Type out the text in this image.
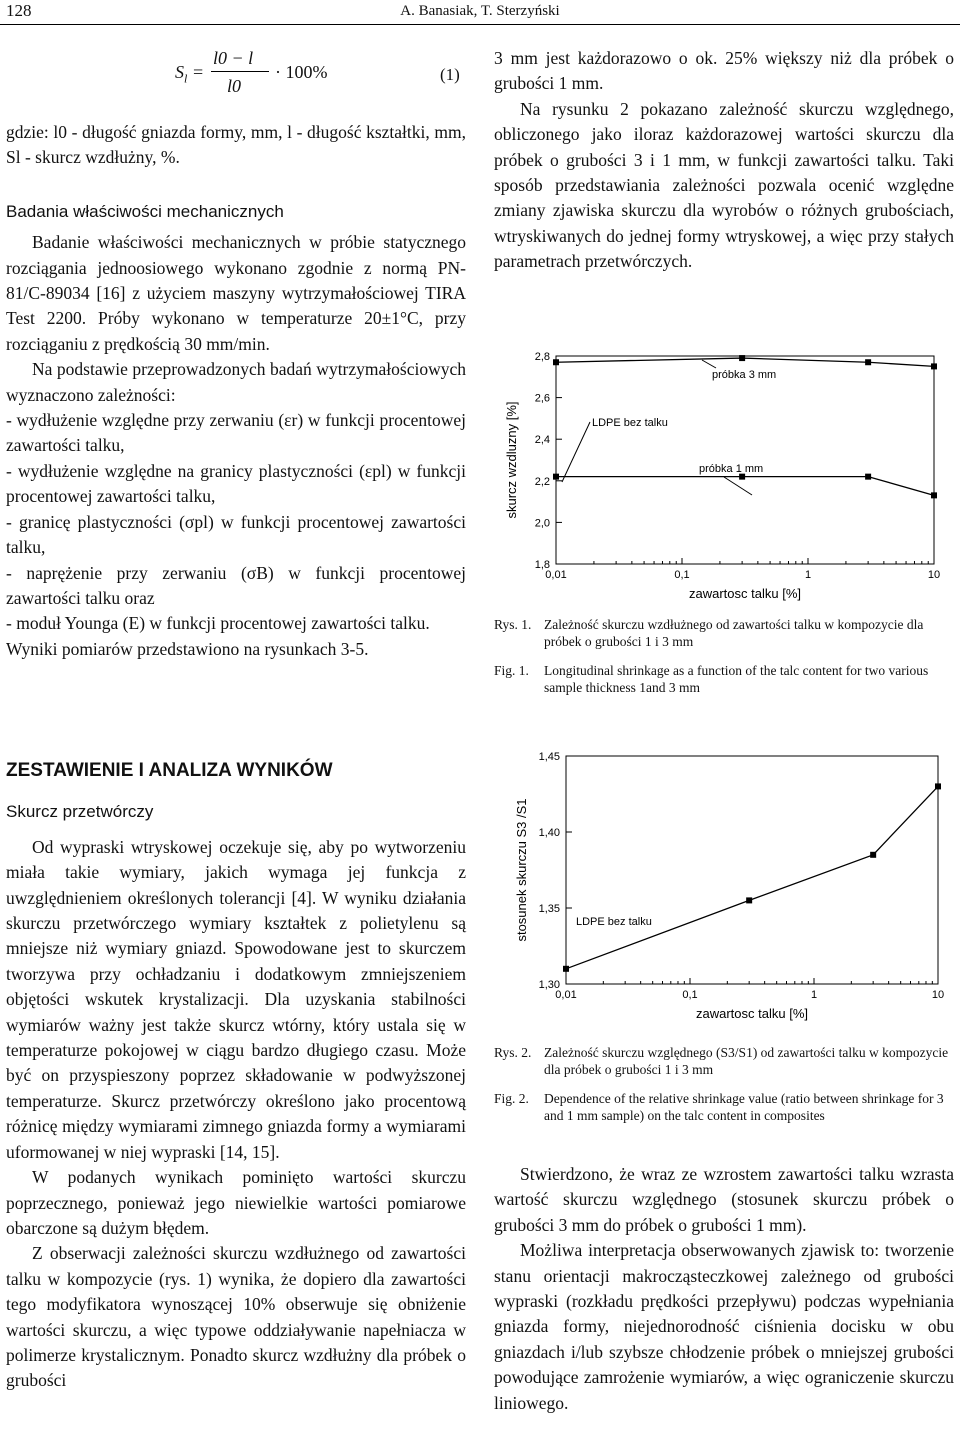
128	A. Banasiak, T. Sterzyński
$S_l$ =
l0 − l
l0
· 100%	(1)

gdzie: l0 - długość gniazda formy, mm, l - długość kształtki, mm, Sl - skurcz wzdłużny, %.

Badania właściwości mechanicznych

Badanie właściwości mechanicznych w próbie statycznego rozciągania jednoosiowego wykonano zgodnie z normą PN-81/C-89034 [16] z użyciem maszyny wytrzymałościowej TIRA Test 2200. Próby wykonano w temperaturze 20±1°C, przy rozciąganiu z prędkością 30 mm/min.

Na podstawie przeprowadzonych badań wytrzymałościowych wyznaczono zależności:

- wydłużenie względne przy zerwaniu (εr) w funkcji procentowej zawartości talku,

- wydłużenie względne na granicy plastyczności (εpl) w funkcji procentowej zawartości talku,

- granicę plastyczności (σpl) w funkcji procentowej zawartości talku,

- naprężenie przy zerwaniu (σB) w funkcji procentowej zawartości talku oraz

- moduł Younga (E) w funkcji procentowej zawartości talku.

Wyniki pomiarów przedstawiono na rysunkach 3-5.

ZESTAWIENIE I ANALIZA WYNIKÓW

Skurcz przetwórczy

Od wypraski wtryskowej oczekuje się, aby po wytworzeniu miała takie wymiary, jakich wymaga jej funkcja z uwzględnieniem określonych tolerancji [4]. W wyniku działania skurczu przetwórczego wymiary kształtek z polietylenu są mniejsze niż wymiary gniazd. Spowodowane jest to skurczem tworzywa przy ochładzaniu i dodatkowym zmniejszeniem objętości wskutek krystalizacji. Dla uzyskania stabilności wymiarów ważny jest także skurcz wtórny, który ustala się w temperaturze pokojowej w ciągu bardzo długiego czasu. Może być on przyspieszony poprzez składowanie w podwyższonej temperaturze. Skurcz przetwórczy określono jako procentową różnicę między wymiarami zimnego gniazda formy a wymiarami uformowanej w niej wypraski [14, 15].

W podanych wynikach pominięto wartości skurczu poprzecznego, ponieważ jego niewielkie wartości pomiarowe obarczone są dużym błędem.

Z obserwacji zależności skurczu wzdłużnego od zawartości talku w kompozycie (rys. 1) wynika, że dopiero dla zawartości tego modyfikatora wynoszącej 10% obserwuje się obniżenie wartości skurczu, a więc typowe oddziaływanie napełniacza w polimerze krystalicznym. Ponadto skurcz wzdłużny dla próbek o grubości

3 mm jest każdorazowo o ok. 25% większy niż dla próbek o grubości 1 mm.

Na rysunku 2 pokazano zależność skurczu względnego, obliczonego jako iloraz każdorazowej wartości skurczu dla próbek o grubości 3 i 1 mm, w funkcji zawartości talku. Taki sposób przedstawiania zależności pozwala ocenić względne zmiany zjawiska skurczu dla wyrobów o różnych grubościach, wtryskiwanych do jednej formy wtryskowej, a więc przy stałych parametrach przetwórczych.

0,01	0,1	1	10
1,8
2,0
2,2
2,4
2,6
2,8
zawartosc talku [%]
skurcz wzdluzny [%]	LDPE bez talku
próbka 3 mm
próbka 1 mm
Rys. 1. Zależność skurczu wzdłużnego od zawartości talku w kompozycie dla próbek o grubości 1 i 3 mm
Fig. 1. Longitudinal shrinkage as a function of the talc content for two various sample thickness 1and 3 mm
0,01	0,1	1	10
1,30
1,35
1,40
1,45
zawartosc talku [%]
stosunek skurczu S3 /S1	LDPE bez talku
Rys. 2. Zależność skurczu względnego (S3/S1) od zawartości talku w kompozycie dla próbek o grubości 1 i 3 mm
Fig. 2. Dependence of the relative shrinkage value (ratio between shrinkage for 3 and 1 mm sample) on the talc content in composites

Stwierdzono, że wraz ze wzrostem zawartości talku wzrasta wartość skurczu względnego (stosunek skurczu próbek o grubości 3 mm do próbek o grubości 1 mm).

Możliwa interpretacja obserwowanych zjawisk to: tworzenie stanu orientacji makrocząsteczkowej zależnego od grubości wypraski (rozkładu prędkości przepływu) podczas wypełniania gniazda formy, niejednorodność ciśnienia docisku w obu gniazdach i/lub szybsze chłodzenie próbek o mniejszej grubości powodujące zamrożenie wymiarów, a więc ograniczenie skurczu liniowego.
